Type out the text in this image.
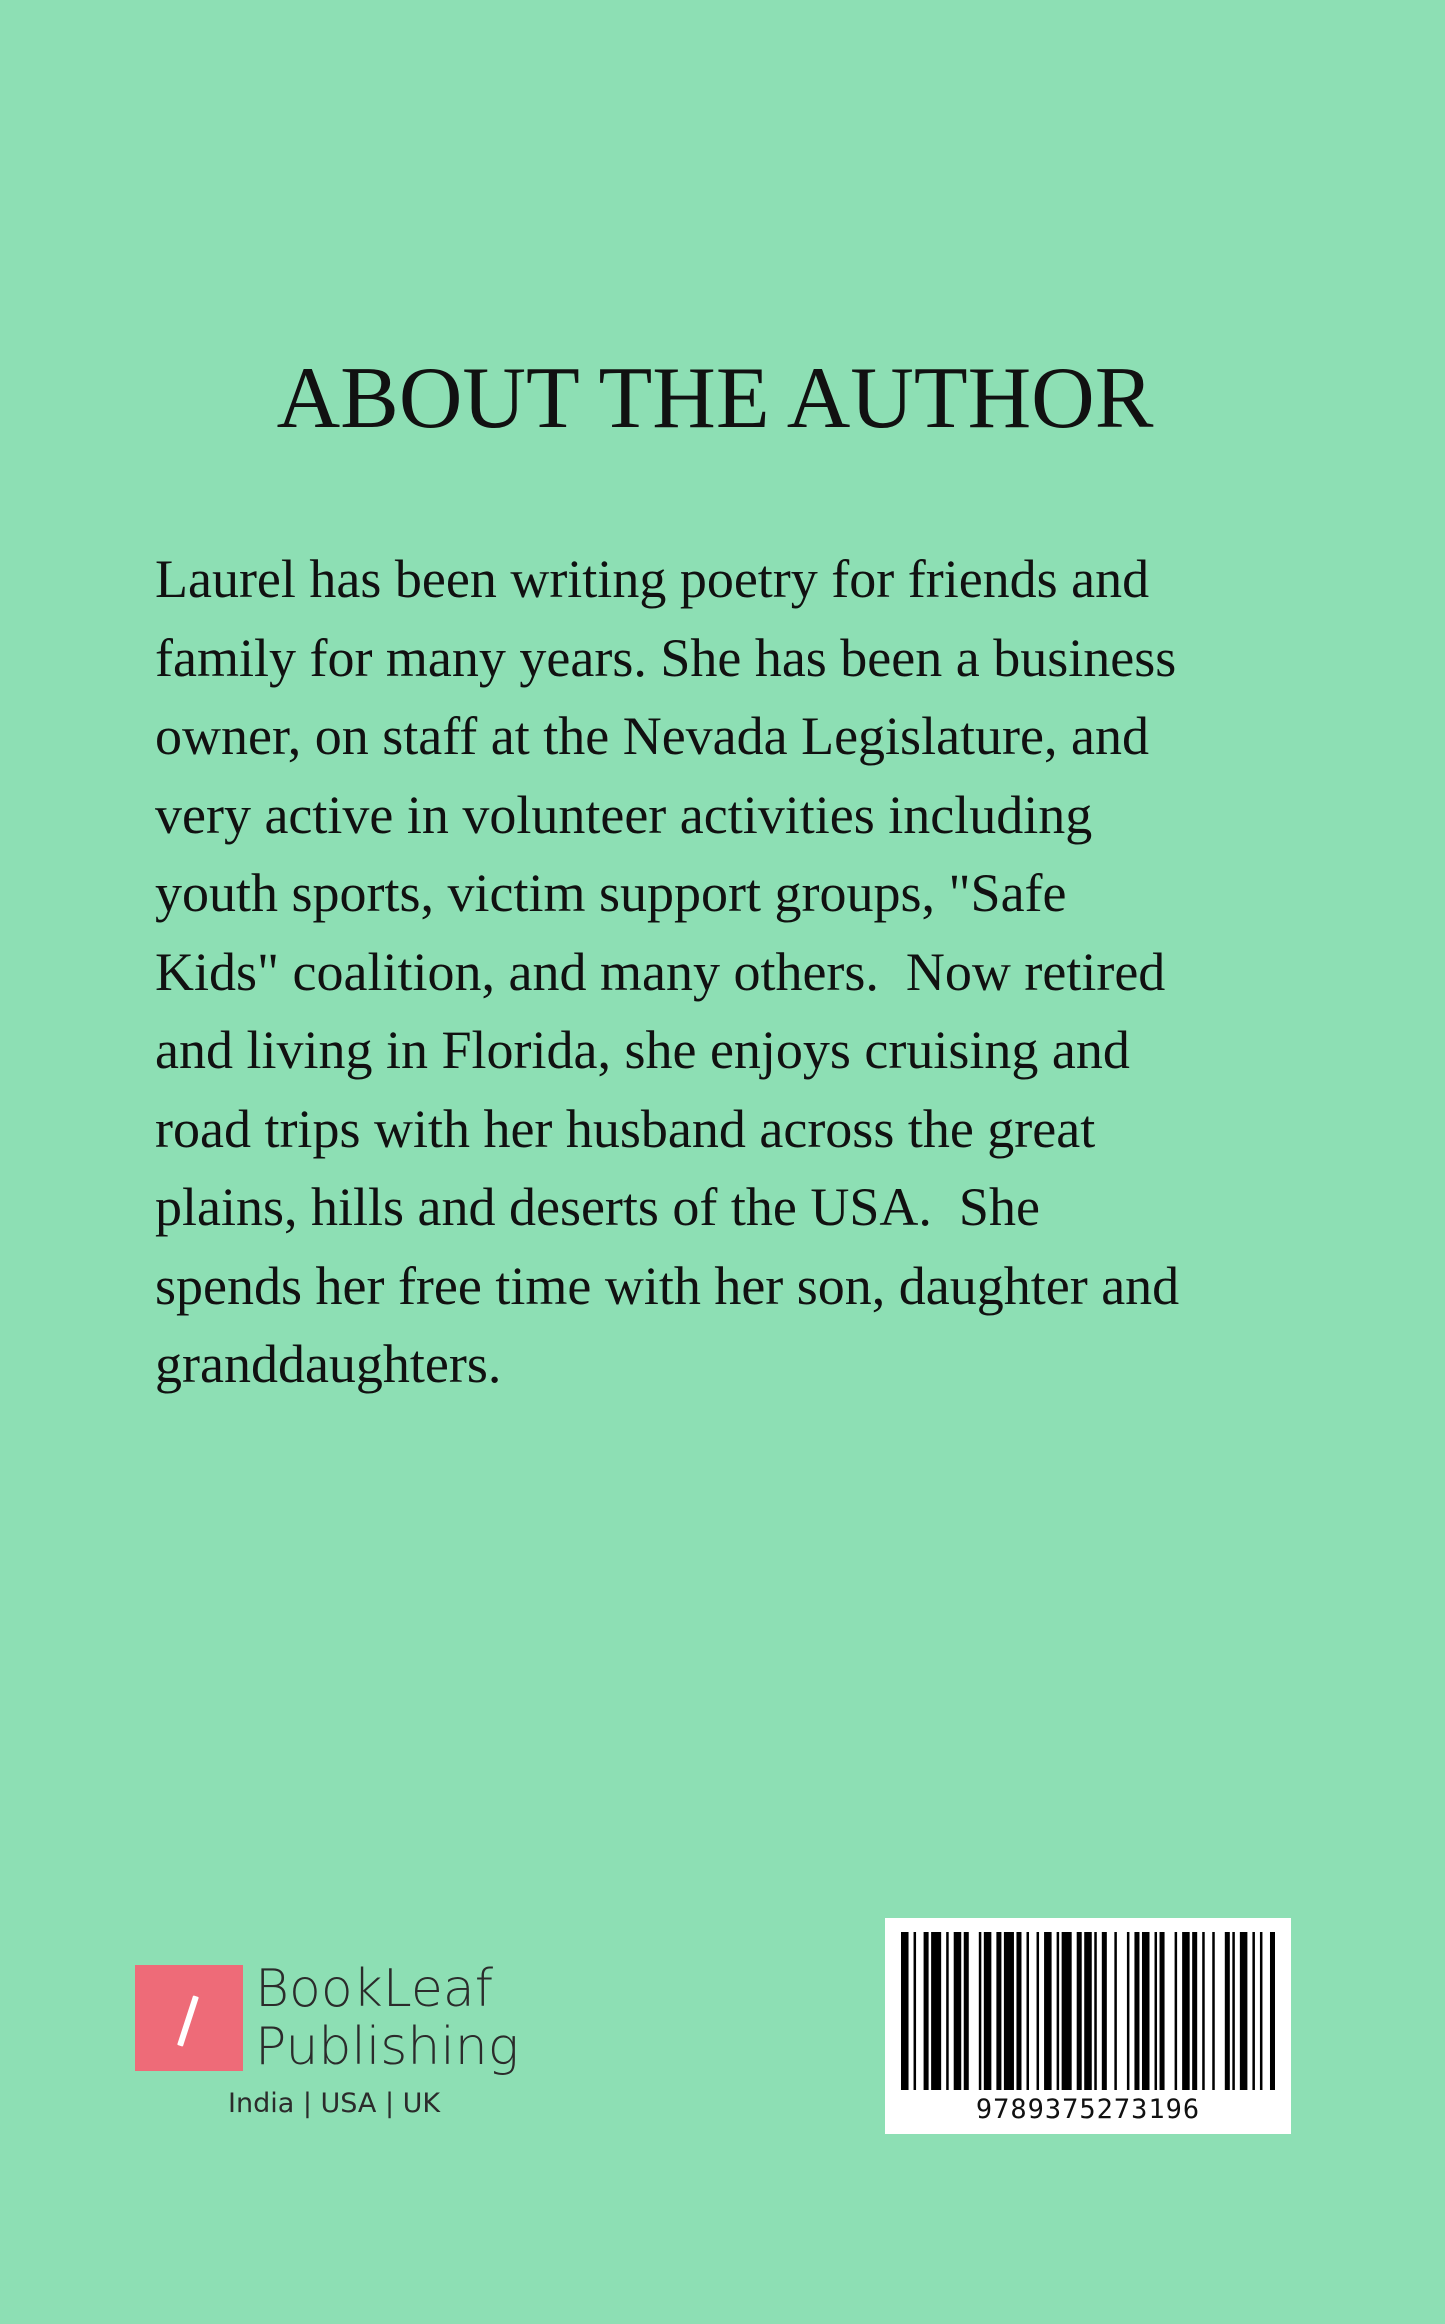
ABOUT THE AUTHOR
Laurel has been writing poetry for friends and
family for many years. She has been a business
owner, on staff at the Nevada Legislature, and
very active in volunteer activities including
youth sports, victim support groups, "Safe
Kids" coalition, and many others.  Now retired
and living in Florida, she enjoys cruising and
road trips with her husband across the great
plains, hills and deserts of the USA.  She
spends her free time with her son, daughter and
granddaughters.
BookLeaf
Publishing
India | USA | UK	9789375273196
